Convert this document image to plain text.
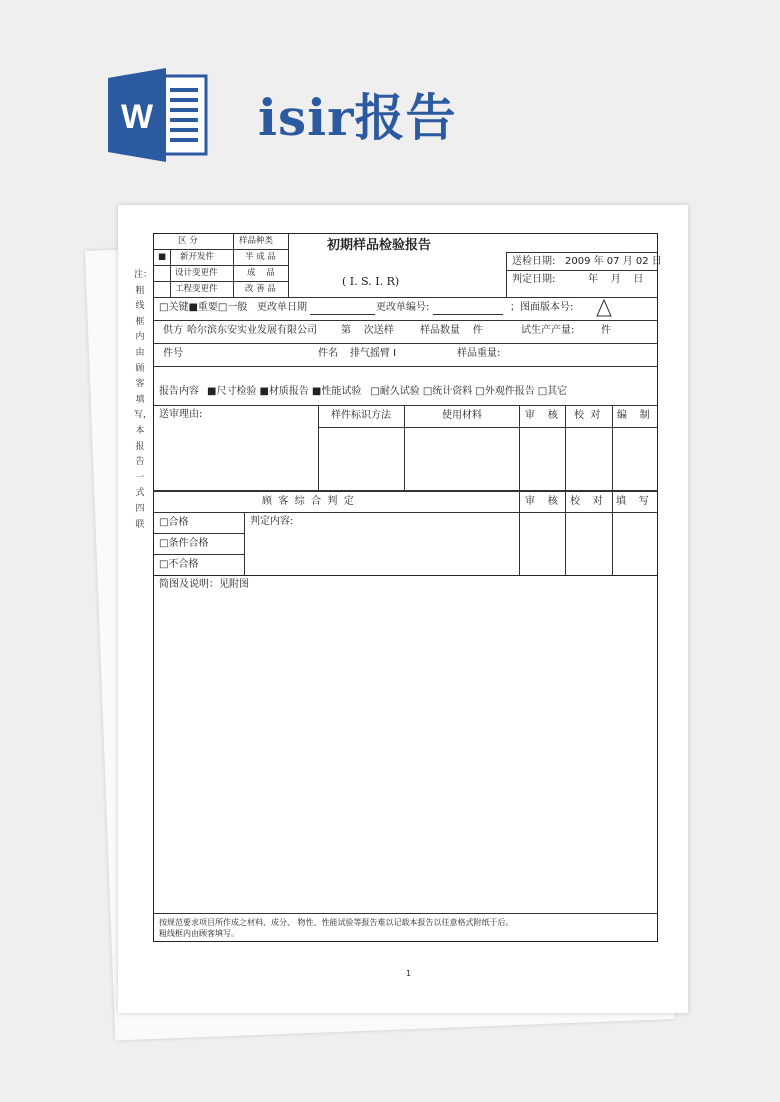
W isir报告
注：粗线框内由顾客填写，本报告一式四联
区 分	样品种类
■ 新开发件	半 成 品
设计变更件	成    品
工程变更件	改 善 品
初期样品检验报告
( I. S. I. R)
送检日期: 2009 年 07 月 02 日
判定日期:	年    月    日
□关键■重要□一般 更改单日期	更改单编号:	；图面版本号:
供方 哈尔滨东安实业发展有限公司 第    次送样	样品数量    件	试生产产量:	件
件号	件名 排气摇臂 I	样品重量:
报告内容 ■尺寸检验 ■材质报告 ■性能试验 □耐久试验 □统计资料 □外观件报告 □其它
送审理由:	样件标识方法	使用材料	审    核 校  对 编    制
顾  客  综  合  判  定	审    核 校    对 填    写
□合格
□条件合格
□不合格
判定内容:
简图及说明：见附图
按规范要求项目所作成之材料、成分、 物性、性能试验等报告难以记载本报告以任意格式附纸于后。
粗线框内由顾客填写。
1
